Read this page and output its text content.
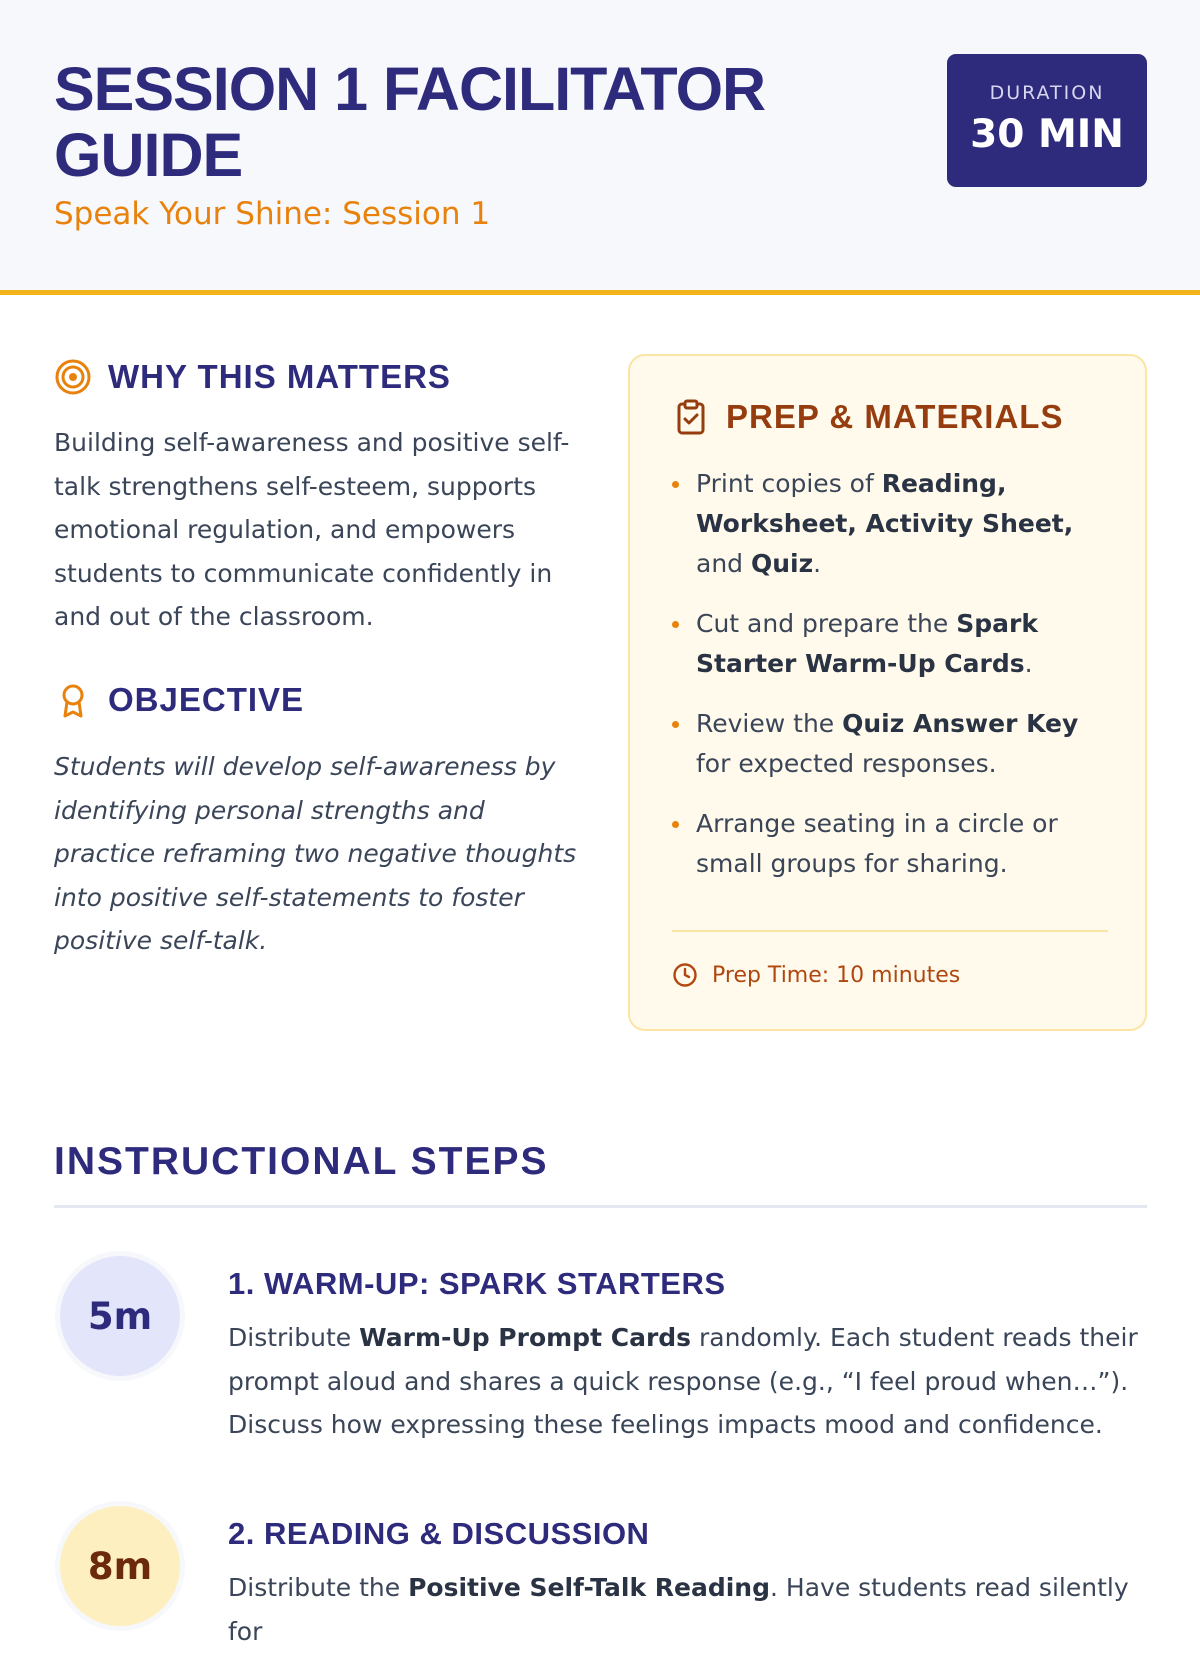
SESSION 1 FACILITATOR GUIDE

Speak Your Shine: Session 1

DURATION
30 MIN
WHY THIS MATTERS

Building self-awareness and positive self-talk strengthens self-esteem, supports emotional regulation, and empowers students to communicate confidently in and out of the classroom.

OBJECTIVE

Students will develop self-awareness by identifying personal strengths and practice reframing two negative thoughts into positive self-statements to foster positive self-talk.

PREP & MATERIALS
Print copies of Reading, Worksheet, Activity Sheet, and Quiz.
Cut and prepare the Spark Starter Warm-Up Cards.
Review the Quiz Answer Key for expected responses.
Arrange seating in a circle or small groups for sharing.
Prep Time: 10 minutes
INSTRUCTIONAL STEPS
5m
1. WARM-UP: SPARK STARTERS

Distribute Warm-Up Prompt Cards randomly. Each student reads their prompt aloud and shares a quick response (e.g., “I feel proud when…”). Discuss how expressing these feelings impacts mood and confidence.

8m
2. READING & DISCUSSION

Distribute the Positive Self-Talk Reading. Have students read silently for
